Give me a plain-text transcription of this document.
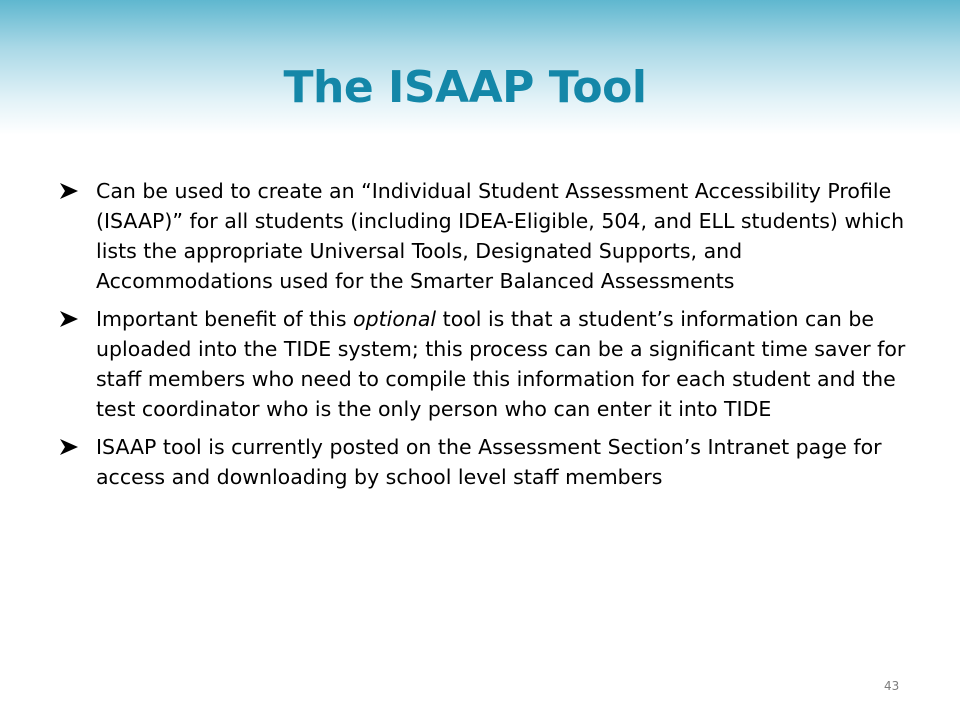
The ISAAP Tool
Can be used to create an “Individual Student Assessment Accessibility Profile (ISAAP)” for all students (including IDEA-Eligible, 504, and ELL students) which lists the appropriate Universal Tools, Designated Supports, and Accommodations used for the Smarter Balanced Assessments
Important benefit of this optional tool is that a student’s information can be uploaded into the TIDE system; this process can be a significant time saver for staff members who need to compile this information for each student and the test coordinator who is the only person who can enter it into TIDE
ISAAP tool is currently posted on the Assessment Section’s Intranet page for access and downloading by school level staff members
43
